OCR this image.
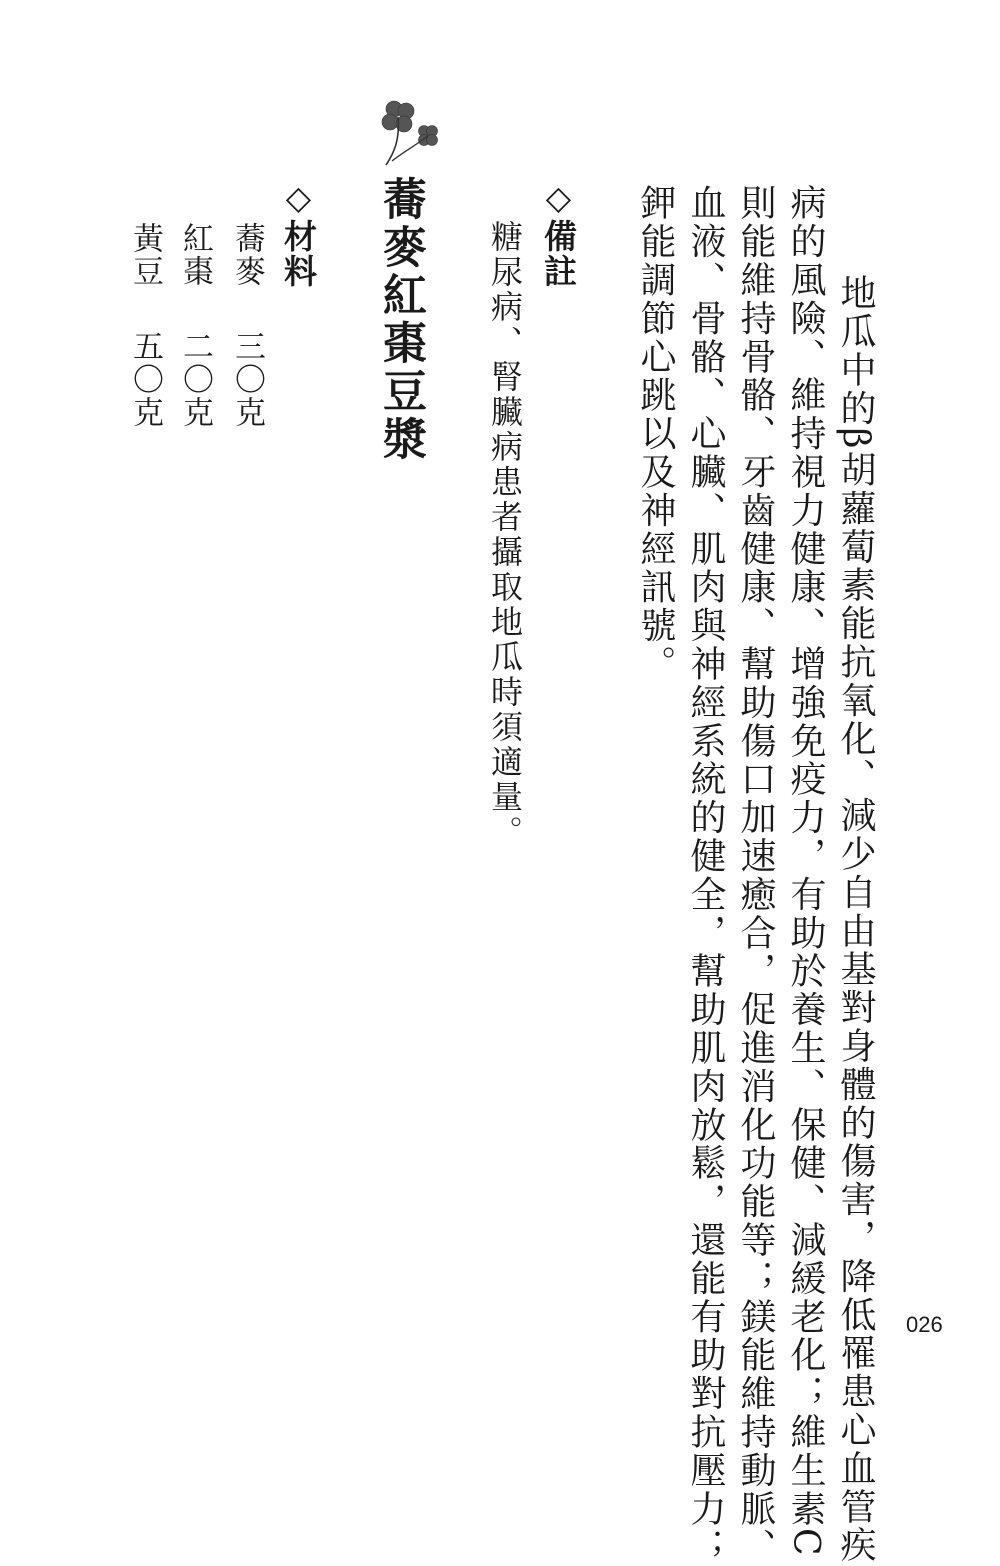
地瓜中的β胡蘿蔔素能抗氧化、減少自由基對身體的傷害，降低罹患心血管疾
病的風險、維持視力健康、增強免疫力，有助於養生、保健、減緩老化；維生素C
則能維持骨骼、牙齒健康、幫助傷口加速癒合，促進消化功能等；鎂能維持動脈、
血液、骨骼、心臟、肌肉與神經系統的健全，幫助肌肉放鬆，還能有助對抗壓力；
鉀能調節心跳以及神經訊號。
◇備註
糖尿病、腎臟病患者攝取地瓜時須適量。
蕎麥紅棗豆漿
◇材料
蕎麥
三〇克
紅棗
二〇克
黃豆
五〇克
026
